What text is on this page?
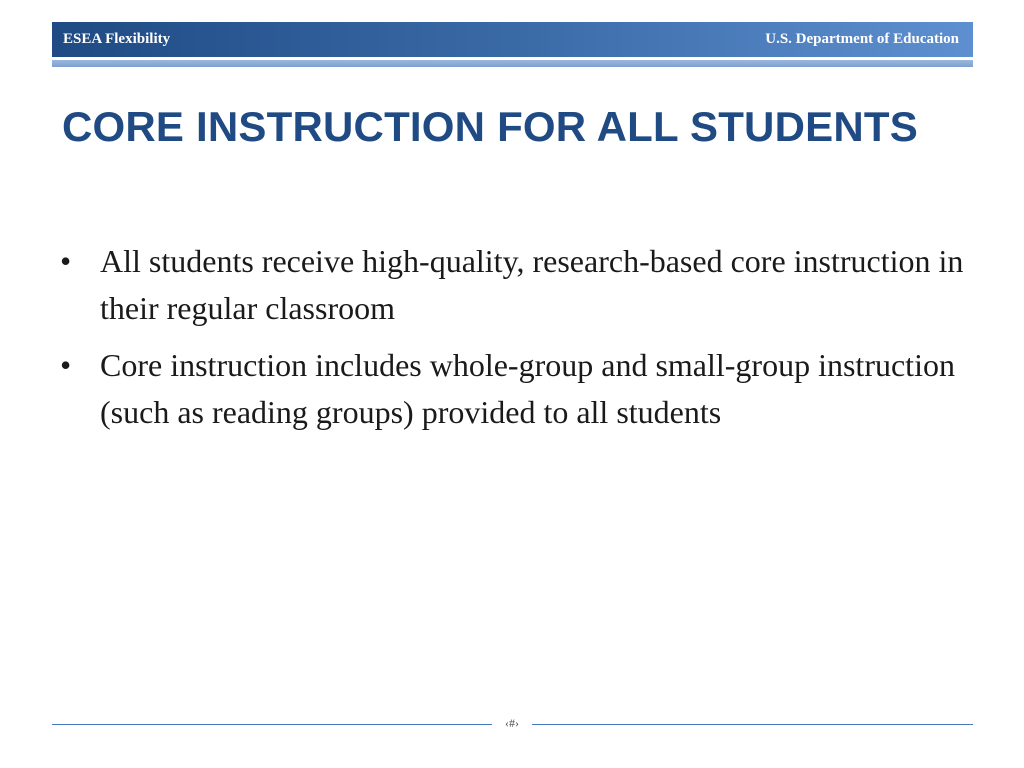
ESEA Flexibility	U.S. Department of Education
CORE INSTRUCTION FOR ALL STUDENTS
• All students receive high-quality, research-based core instruction in their regular classroom
• Core instruction includes whole-group and small-group instruction (such as reading groups) provided to all students
‹#›
